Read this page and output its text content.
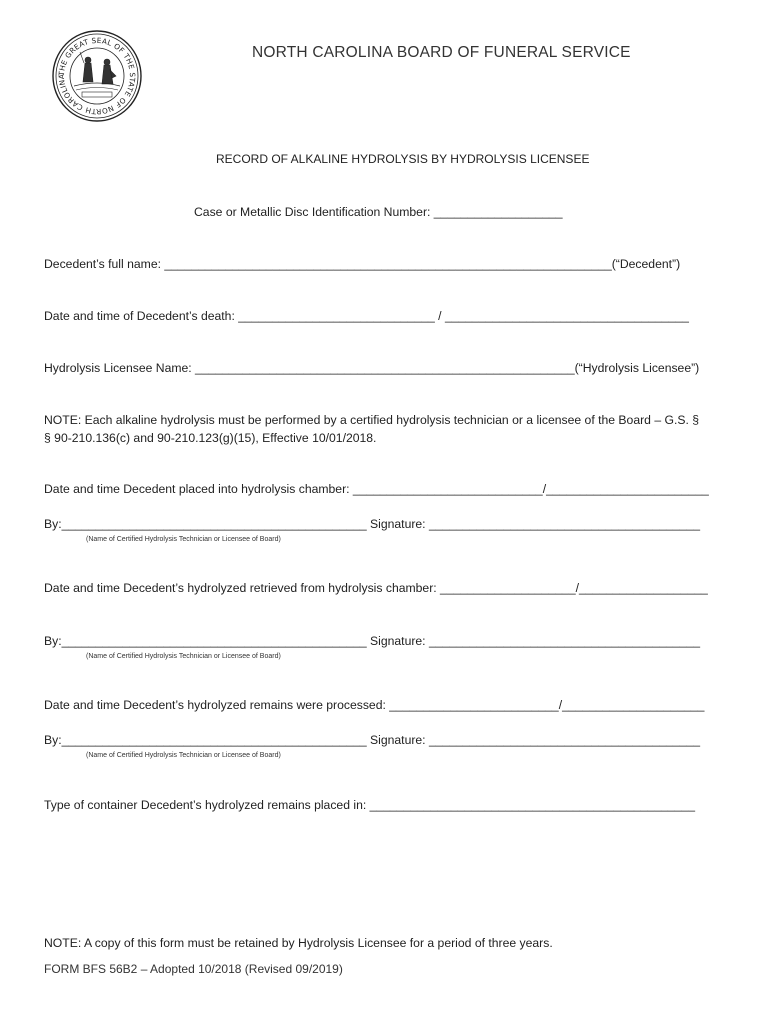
THE GREAT SEAL OF THE STATE OF NORTH CAROLINA

NORTH CAROLINA BOARD OF FUNERAL SERVICE

RECORD OF ALKALINE HYDROLYSIS BY HYDROLYSIS LICENSEE

Case or Metallic Disc Identification Number: ___________________

Decedent’s full name: __________________________________________________________________(“Decedent”)

Date and time of Decedent’s death: _____________________________ / ____________________________________

Hydrolysis Licensee Name: ________________________________________________________(“Hydrolysis Licensee”)

NOTE: Each alkaline hydrolysis must be performed by a certified hydrolysis technician or a licensee of the Board – G.S. §

§ 90-210.136(c) and 90-210.123(g)(15), Effective 10/01/2018.

Date and time Decedent placed into hydrolysis chamber: ____________________________/________________________

By:_____________________________________________ Signature: ________________________________________

(Name of Certified Hydrolysis Technician or Licensee of Board)

Date and time Decedent’s hydrolyzed retrieved from hydrolysis chamber: ____________________/___________________

By:_____________________________________________ Signature: ________________________________________

(Name of Certified Hydrolysis Technician or Licensee of Board)

Date and time Decedent’s hydrolyzed remains were processed: _________________________/_____________________

By:_____________________________________________ Signature: ________________________________________

(Name of Certified Hydrolysis Technician or Licensee of Board)

Type of container Decedent’s hydrolyzed remains placed in: ________________________________________________

NOTE: A copy of this form must be retained by Hydrolysis Licensee for a period of three years.

FORM BFS 56B2 – Adopted 10/2018 (Revised 09/2019)
